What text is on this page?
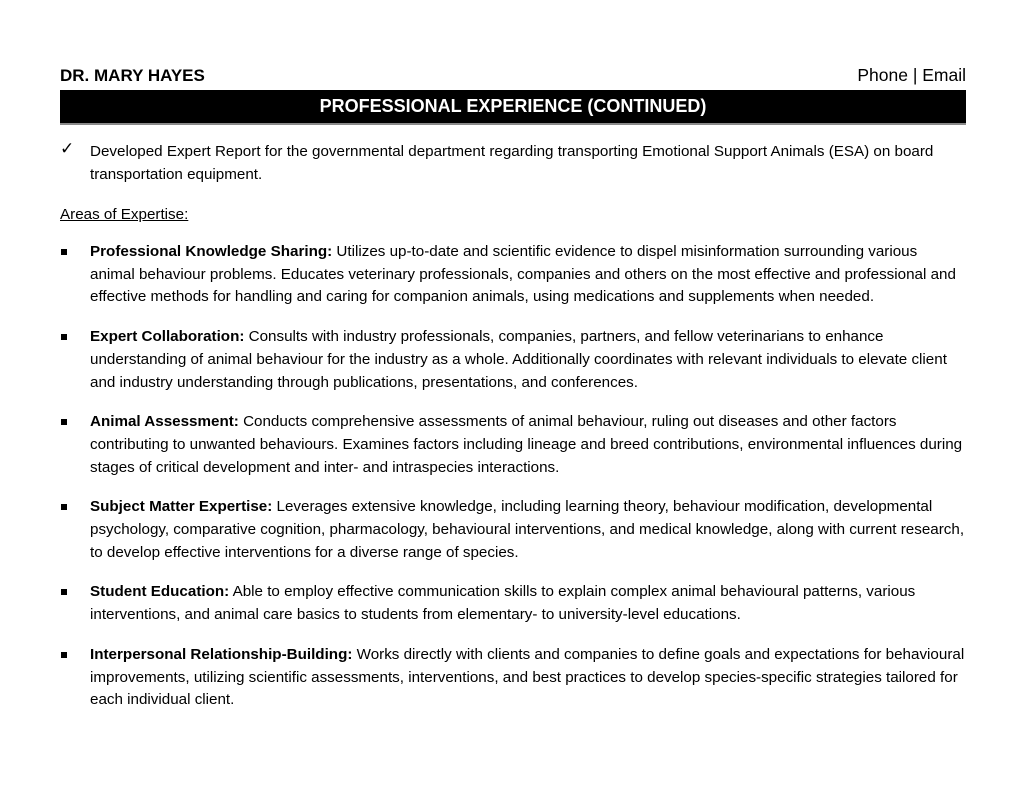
DR. MARY HAYES	Phone | Email
PROFESSIONAL EXPERIENCE (CONTINUED)
✓ Developed Expert Report for the governmental department regarding transporting Emotional Support Animals (ESA) on board transportation equipment.
Areas of Expertise:
Professional Knowledge Sharing: Utilizes up-to-date and scientific evidence to dispel misinformation surrounding various animal behaviour problems. Educates veterinary professionals, companies and others on the most effective and professional and effective methods for handling and caring for companion animals, using medications and supplements when needed.
Expert Collaboration: Consults with industry professionals, companies, partners, and fellow veterinarians to enhance understanding of animal behaviour for the industry as a whole. Additionally coordinates with relevant individuals to elevate client and industry understanding through publications, presentations, and conferences.
Animal Assessment: Conducts comprehensive assessments of animal behaviour, ruling out diseases and other factors contributing to unwanted behaviours. Examines factors including lineage and breed contributions, environmental influences during stages of critical development and inter- and intraspecies interactions.
Subject Matter Expertise: Leverages extensive knowledge, including learning theory, behaviour modification, developmental psychology, comparative cognition, pharmacology, behavioural interventions, and medical knowledge, along with current research, to develop effective interventions for a diverse range of species.
Student Education: Able to employ effective communication skills to explain complex animal behavioural patterns, various interventions, and animal care basics to students from elementary- to university-level educations.
Interpersonal Relationship-Building: Works directly with clients and companies to define goals and expectations for behavioural improvements, utilizing scientific assessments, interventions, and best practices to develop species-specific strategies tailored for each individual client.
